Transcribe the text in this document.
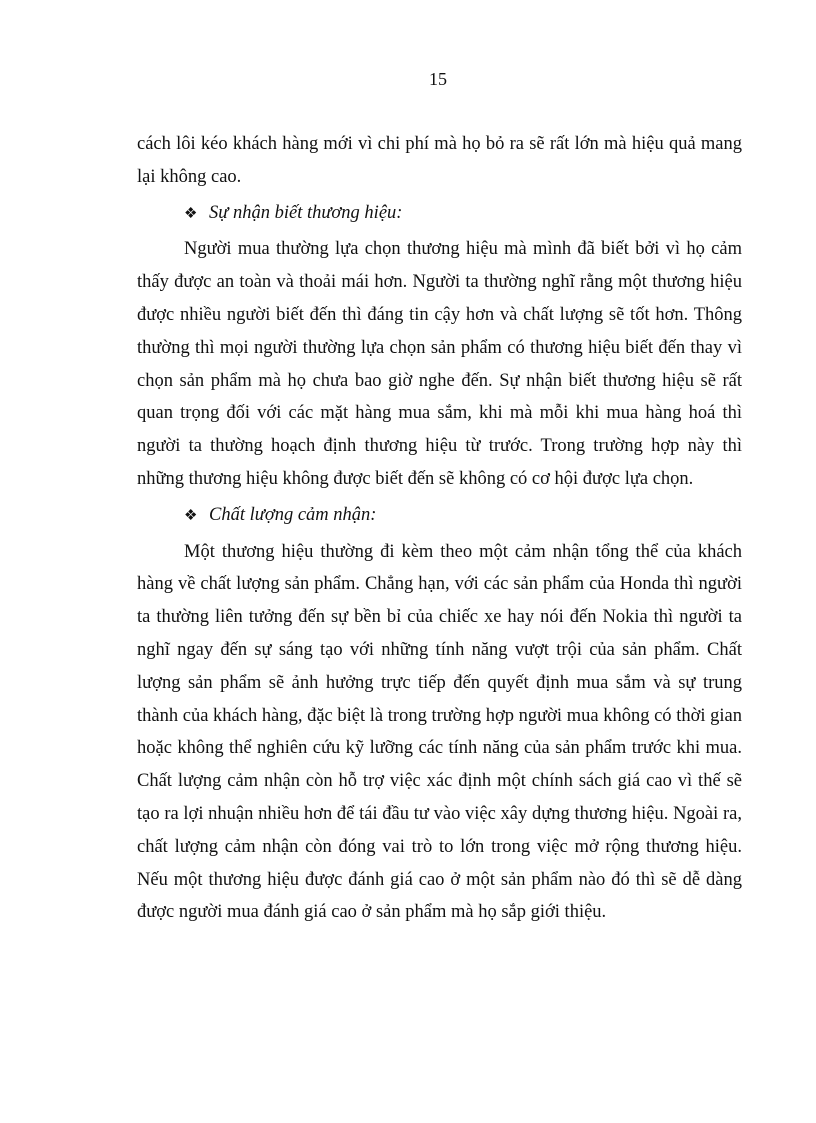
15

cách lôi kéo khách hàng mới vì chi phí mà họ bỏ ra sẽ rất lớn mà hiệu quả mang lại không cao.

❖ Sự nhận biết thương hiệu:

Người mua thường lựa chọn thương hiệu mà mình đã biết bởi vì họ cảm thấy được an toàn và thoải mái hơn. Người ta thường nghĩ rằng một thương hiệu được nhiều người biết đến thì đáng tin cậy hơn và chất lượng sẽ tốt hơn. Thông thường thì mọi người thường lựa chọn sản phẩm có thương hiệu biết đến thay vì chọn sản phẩm mà họ chưa bao giờ nghe đến. Sự nhận biết thương hiệu sẽ rất quan trọng đối với các mặt hàng mua sắm, khi mà mỗi khi mua hàng hoá thì người ta thường hoạch định thương hiệu từ trước. Trong trường hợp này thì những thương hiệu không được biết đến sẽ không có cơ hội được lựa chọn.

❖ Chất lượng cảm nhận:

Một thương hiệu thường đi kèm theo một cảm nhận tổng thể của khách hàng về chất lượng sản phẩm. Chẳng hạn, với các sản phẩm của Honda thì người ta thường liên tưởng đến sự bền bỉ của chiếc xe hay nói đến Nokia thì người ta nghĩ ngay đến sự sáng tạo với những tính năng vượt trội của sản phẩm. Chất lượng sản phẩm sẽ ảnh hưởng trực tiếp đến quyết định mua sắm và sự trung thành của khách hàng, đặc biệt là trong trường hợp người mua không có thời gian hoặc không thể nghiên cứu kỹ lưỡng các tính năng của sản phẩm trước khi mua. Chất lượng cảm nhận còn hỗ trợ việc xác định một chính sách giá cao vì thế sẽ tạo ra lợi nhuận nhiều hơn để tái đầu tư vào việc xây dựng thương hiệu. Ngoài ra, chất lượng cảm nhận còn đóng vai trò to lớn trong việc mở rộng thương hiệu. Nếu một thương hiệu được đánh giá cao ở một sản phẩm nào đó thì sẽ dễ dàng được người mua đánh giá cao ở sản phẩm mà họ sắp giới thiệu.
